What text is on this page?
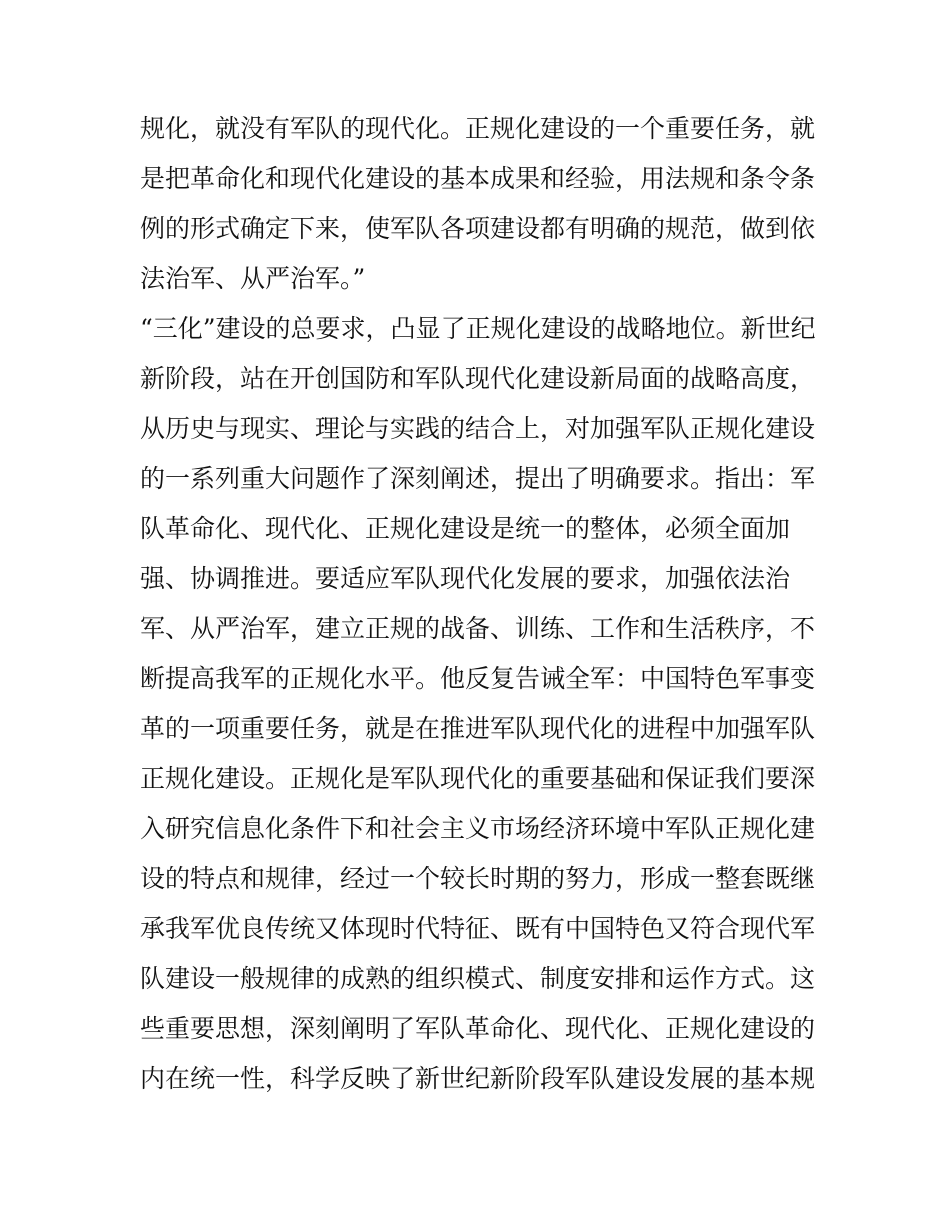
规化，就没有军队的现代化。正规化建设的一个重要任务，就
是把革命化和现代化建设的基本成果和经验，用法规和条令条
例的形式确定下来，使军队各项建设都有明确的规范，做到依
法治军、从严治军。”
“三化”建设的总要求，凸显了正规化建设的战略地位。新世纪
新阶段，站在开创国防和军队现代化建设新局面的战略高度，
从历史与现实、理论与实践的结合上，对加强军队正规化建设
的一系列重大问题作了深刻阐述，提出了明确要求。指出：军
队革命化、现代化、正规化建设是统一的整体，必须全面加
强、协调推进。要适应军队现代化发展的要求，加强依法治
军、从严治军，建立正规的战备、训练、工作和生活秩序，不
断提高我军的正规化水平。他反复告诫全军：中国特色军事变
革的一项重要任务，就是在推进军队现代化的进程中加强军队
正规化建设。正规化是军队现代化的重要基础和保证我们要深
入研究信息化条件下和社会主义市场经济环境中军队正规化建
设的特点和规律，经过一个较长时期的努力，形成一整套既继
承我军优良传统又体现时代特征、既有中国特色又符合现代军
队建设一般规律的成熟的组织模式、制度安排和运作方式。这
些重要思想，深刻阐明了军队革命化、现代化、正规化建设的
内在统一性，科学反映了新世纪新阶段军队建设发展的基本规
